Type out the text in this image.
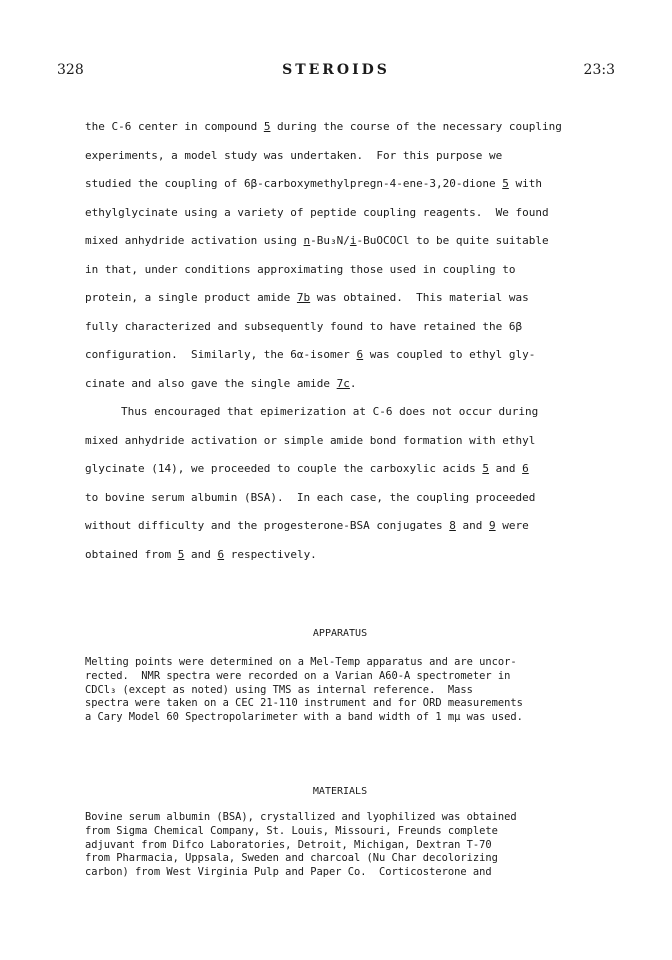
328	STEROIDS	23:3
the C-6 center in compound 5 during the course of the necessary coupling
experiments, a model study was undertaken.  For this purpose we
studied the coupling of 6β-carboxymethylpregn-4-ene-3,20-dione 5 with
ethylglycinate using a variety of peptide coupling reagents.  We found
mixed anhydride activation using n-Bu₃N/i-BuOCOCl to be quite suitable
in that, under conditions approximating those used in coupling to
protein, a single product amide 7b was obtained.  This material was
fully characterized and subsequently found to have retained the 6β
configuration.  Similarly, the 6α-isomer 6 was coupled to ethyl gly-
cinate and also gave the single amide 7c.
Thus encouraged that epimerization at C-6 does not occur during
mixed anhydride activation or simple amide bond formation with ethyl
glycinate (14), we proceeded to couple the carboxylic acids 5 and 6
to bovine serum albumin (BSA).  In each case, the coupling proceeded
without difficulty and the progesterone-BSA conjugates 8 and 9 were
obtained from 5 and 6 respectively.
APPARATUS
Melting points were determined on a Mel-Temp apparatus and are uncor-
rected.  NMR spectra were recorded on a Varian A60-A spectrometer in
CDCl₃ (except as noted) using TMS as internal reference.  Mass
spectra were taken on a CEC 21-110 instrument and for ORD measurements
a Cary Model 60 Spectropolarimeter with a band width of 1 mμ was used.
MATERIALS
Bovine serum albumin (BSA), crystallized and lyophilized was obtained
from Sigma Chemical Company, St. Louis, Missouri, Freunds complete
adjuvant from Difco Laboratories, Detroit, Michigan, Dextran T-70
from Pharmacia, Uppsala, Sweden and charcoal (Nu Char decolorizing
carbon) from West Virginia Pulp and Paper Co.  Corticosterone and
